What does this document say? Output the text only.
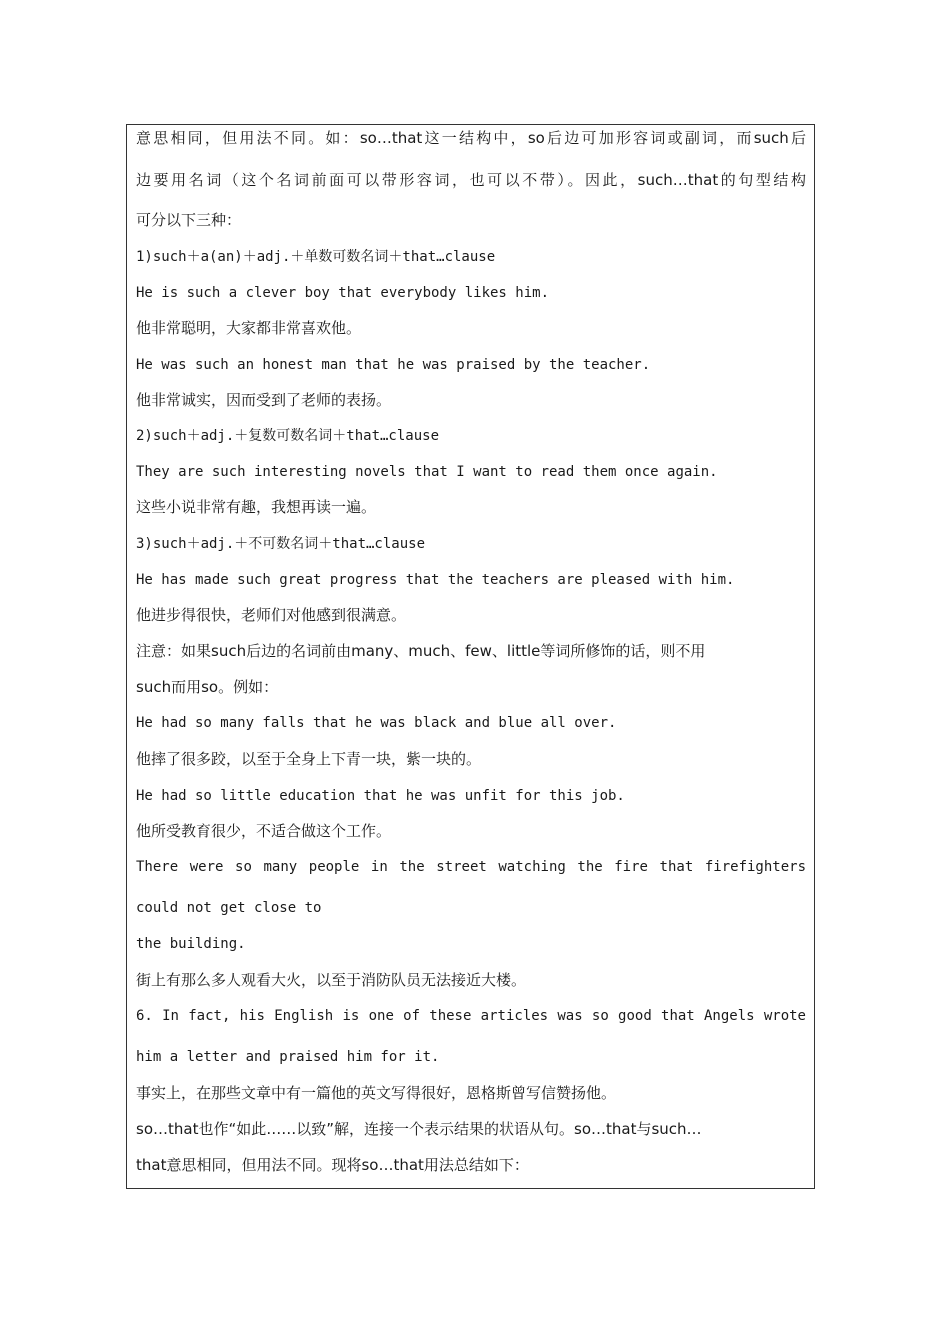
意思相同，但用法不同。如：so…that这一结构中，so后边可加形容词或副词，而such后
边要用名词（这个名词前面可以带形容词，也可以不带）。因此，such…that的句型结构
可分以下三种：
1)such＋a(an)＋adj.＋单数可数名词＋that…clause
He is such a clever boy that everybody likes him.
他非常聪明，大家都非常喜欢他。
He was such an honest man that he was praised by the teacher.
他非常诚实，因而受到了老师的表扬。
2)such＋adj.＋复数可数名词＋that…clause
They are such interesting novels that I want to read them once again.
这些小说非常有趣，我想再读一遍。
3)such＋adj.＋不可数名词＋that…clause
He has made such great progress that the teachers are pleased with him.
他进步得很快，老师们对他感到很满意。
注意：如果such后边的名词前由many、much、few、little等词所修饰的话，则不用
such而用so。例如：
He had so many falls that he was black and blue all over.
他摔了很多跤，以至于全身上下青一块，紫一块的。
He had so little education that he was unfit for this job.
他所受教育很少，不适合做这个工作。
There were so many people in the street watching the fire that firefighters
could not get close to
the building.
街上有那么多人观看大火，以至于消防队员无法接近大楼。
6. In fact, his English is one of these articles was so good that Angels wrote
him a letter and praised him for it.
事实上，在那些文章中有一篇他的英文写得很好，恩格斯曾写信赞扬他。
so…that也作“如此……以致”解，连接一个表示结果的状语从句。so…that与such…
that意思相同，但用法不同。现将so…that用法总结如下：
